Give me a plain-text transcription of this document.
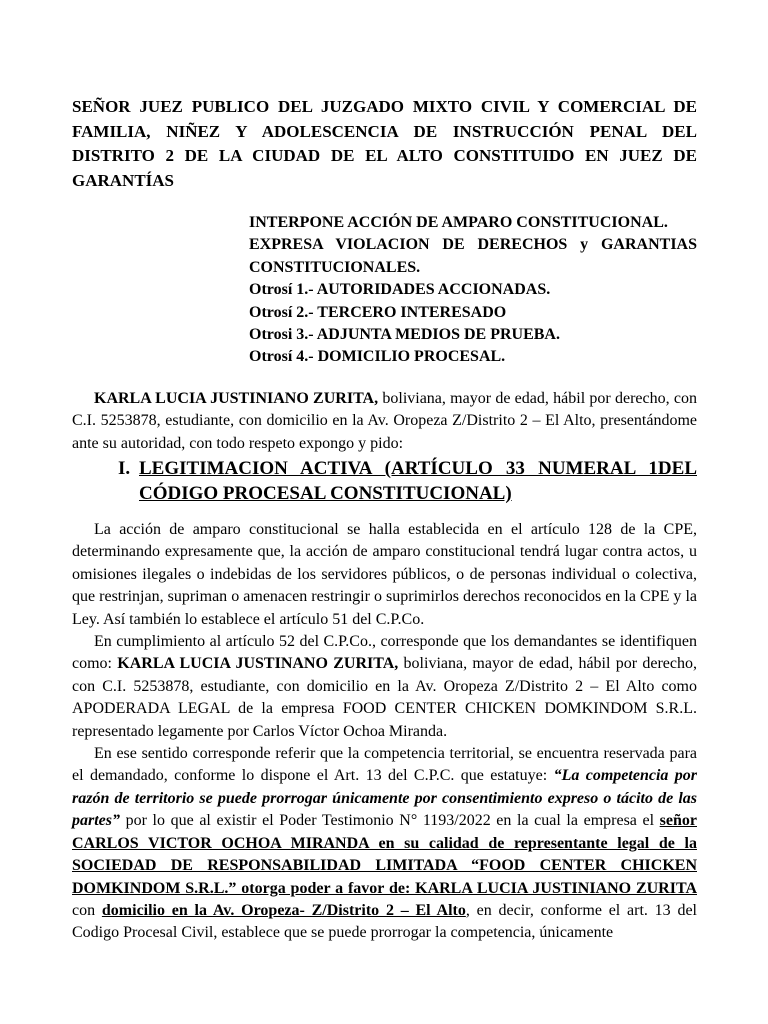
SEÑOR JUEZ PUBLICO DEL JUZGADO MIXTO CIVIL Y COMERCIAL DE
FAMILIA, NIÑEZ Y ADOLESCENCIA DE INSTRUCCIÓN PENAL DEL
DISTRITO 2 DE LA CIUDAD DE EL ALTO CONSTITUIDO EN JUEZ DE
GARANTÍAS
INTERPONE ACCIÓN DE AMPARO CONSTITUCIONAL.
EXPRESA VIOLACION DE DERECHOS y GARANTIAS
CONSTITUCIONALES.
Otrosí 1.- AUTORIDADES ACCIONADAS.
Otrosí 2.- TERCERO INTERESADO
Otrosi 3.- ADJUNTA MEDIOS DE PRUEBA.
Otrosí 4.- DOMICILIO PROCESAL.

KARLA LUCIA JUSTINIANO ZURITA, boliviana, mayor de edad, hábil por derecho, con C.I. 5253878, estudiante, con domicilio en la Av. Oropeza Z/Distrito 2 – El Alto, presentándome ante su autoridad, con todo respeto expongo y pido:

I. LEGITIMACION ACTIVA (ARTÍCULO 33 NUMERAL 1DEL
CÓDIGO PROCESAL CONSTITUCIONAL)

La acción de amparo constitucional se halla establecida en el artículo 128 de la CPE, determinando expresamente que, la acción de amparo constitucional tendrá lugar contra actos, u omisiones ilegales o indebidas de los servidores públicos, o de personas individual o colectiva, que restrinjan, supriman o amenacen restringir o suprimirlos derechos reconocidos en la CPE y la Ley. Así también lo establece el artículo 51 del C.P.Co.

En cumplimiento al artículo 52 del C.P.Co., corresponde que los demandantes se identifiquen como: KARLA LUCIA JUSTINANO ZURITA, boliviana, mayor de edad, hábil por derecho, con C.I. 5253878, estudiante, con domicilio en la Av. Oropeza Z/Distrito 2 – El Alto como APODERADA LEGAL de la empresa FOOD CENTER CHICKEN DOMKINDOM S.R.L. representado legamente por Carlos Víctor Ochoa Miranda.

En ese sentido corresponde referir que la competencia territorial, se encuentra reservada para el demandado, conforme lo dispone el Art. 13 del C.P.C. que estatuye: “La competencia por razón de territorio se puede prorrogar únicamente por consentimiento expreso o tácito de las partes” por lo que al existir el Poder Testimonio N° 1193/2022 en la cual la empresa el señor CARLOS VICTOR OCHOA MIRANDA en su calidad de representante legal de la SOCIEDAD DE RESPONSABILIDAD LIMITADA “FOOD CENTER CHICKEN DOMKINDOM S.R.L.” otorga poder a favor de: KARLA LUCIA JUSTINIANO ZURITA con domicilio en la Av. Oropeza- Z/Distrito 2 – El Alto, en decir, conforme el art. 13 del Codigo Procesal Civil, establece que se puede prorrogar la competencia, únicamente
